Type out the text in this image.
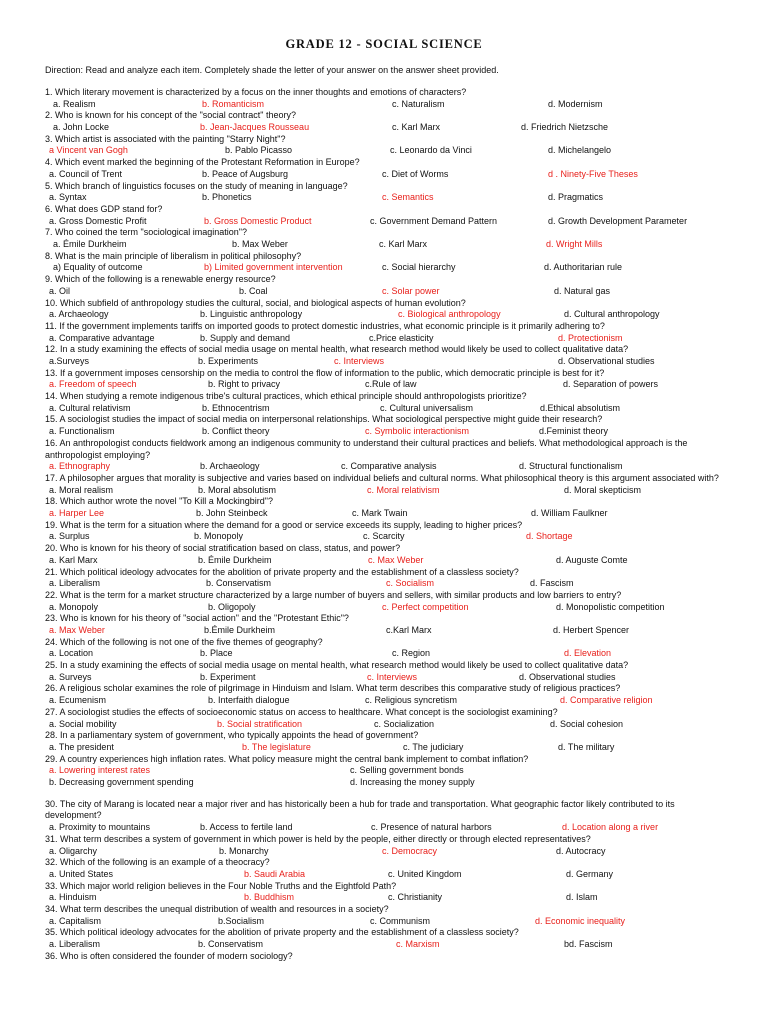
GRADE 12 - SOCIAL SCIENCE
Direction: Read and analyze each item. Completely shade the letter of your answer on the answer sheet provided.
1. Which literary movement is characterized by a focus on the inner thoughts and emotions of characters?
a. Realism	b. Romanticism	c. Naturalism	d. Modernism
2. Who is known for his concept of the "social contract" theory?
a. John Locke	b. Jean-Jacques Rousseau	c. Karl Marx	d. Friedrich Nietzsche
3. Which artist is associated with the painting "Starry Night"?
a Vincent van Gogh	b. Pablo Picasso	c. Leonardo da Vinci	d. Michelangelo
4. Which event marked the beginning of the Protestant Reformation in Europe?
a. Council of Trent	b. Peace of Augsburg	c. Diet of Worms	d . Ninety-Five Theses
5. Which branch of linguistics focuses on the study of meaning in language?
a. Syntax	b. Phonetics	c. Semantics	d. Pragmatics
6. What does GDP stand for?
a. Gross Domestic Profit	b. Gross Domestic Product	c. Government Demand Pattern	d. Growth Development Parameter
7. Who coined the term "sociological imagination"?
a. Émile Durkheim	b. Max Weber	c. Karl Marx	d. Wright Mills
8. What is the main principle of liberalism in political philosophy?
a) Equality of outcome	b) Limited government intervention	c. Social hierarchy	d. Authoritarian rule
9. Which of the following is a renewable energy resource?
a. Oil	b. Coal	c. Solar power	d. Natural gas
10. Which subfield of anthropology studies the cultural, social, and biological aspects of human evolution?
a. Archaeology	b. Linguistic anthropology	c. Biological anthropology	d. Cultural anthropology
11. If the government implements tariffs on imported goods to protect domestic industries, what economic principle is it primarily adhering to?
a. Comparative advantage	b. Supply and demand	c.Price elasticity	d. Protectionism
12. In a study examining the effects of social media usage on mental health, what research method would likely be used to collect qualitative data?
a.Surveys	b. Experiments	c. Interviews	d. Observational studies
13. If a government imposes censorship on the media to control the flow of information to the public, which democratic principle is best for it?
a. Freedom of speech	b. Right to privacy	c.Rule of law	d. Separation of powers
14. When studying a remote indigenous tribe's cultural practices, which ethical principle should anthropologists prioritize?
a. Cultural relativism	b. Ethnocentrism	c. Cultural universalism	d.Ethical absolutism
15. A sociologist studies the impact of social media on interpersonal relationships. What sociological perspective might guide their research?
a. Functionalism	b. Conflict theory	c. Symbolic interactionism	d.Feminist theory
16. An anthropologist conducts fieldwork among an indigenous community to understand their cultural practices and beliefs. What methodological approach is the anthropologist employing?
a. Ethnography	b. Archaeology	c. Comparative analysis	d. Structural functionalism
17. A philosopher argues that morality is subjective and varies based on individual beliefs and cultural norms. What philosophical theory is this argument associated with?
a. Moral realism	b. Moral absolutism	c. Moral relativism	d. Moral skepticism
18. Which author wrote the novel "To Kill a Mockingbird"?
a. Harper Lee	b. John Steinbeck	c. Mark Twain	d. William Faulkner
19. What is the term for a situation where the demand for a good or service exceeds its supply, leading to higher prices?
a. Surplus	b. Monopoly	c. Scarcity	d. Shortage
20. Who is known for his theory of social stratification based on class, status, and power?
a. Karl Marx	b. Émile Durkheim	c. Max Weber	d. Auguste Comte
21. Which political ideology advocates for the abolition of private property and the establishment of a classless society?
a. Liberalism	b. Conservatism	c. Socialism	d. Fascism
22. What is the term for a market structure characterized by a large number of buyers and sellers, with similar products and low barriers to entry?
a. Monopoly	b. Oligopoly	c. Perfect competition	d. Monopolistic competition
23. Who is known for his theory of "social action" and the "Protestant Ethic"?
a. Max Weber	b.Émile Durkheim	c.Karl Marx	d. Herbert Spencer
24. Which of the following is not one of the five themes of geography?
a. Location	b. Place	c. Region	d. Elevation
25. In a study examining the effects of social media usage on mental health, what research method would likely be used to collect qualitative data?
a. Surveys	b. Experiment	c. Interviews	d. Observational studies
26. A religious scholar examines the role of pilgrimage in Hinduism and Islam. What term describes this comparative study of religious practices?
a. Ecumenism	b. Interfaith dialogue	c. Religious syncretism	d. Comparative religion
27. A sociologist studies the effects of socioeconomic status on access to healthcare. What concept is the sociologist examining?
a. Social mobility	b. Social stratification	c. Socialization	d. Social cohesion
28. In a parliamentary system of government, who typically appoints the head of government?
a. The president	b. The legislature	c. The judiciary	d. The military
29. A country experiences high inflation rates. What policy measure might the central bank implement to combat inflation?
a. Lowering interest rates	c. Selling government bonds
b. Decreasing government spending	d. Increasing the money supply
30. The city of Marang is located near a major river and has historically been a hub for trade and transportation. What geographic factor likely contributed to its development?
a. Proximity to mountains	b. Access to fertile land	c. Presence of natural harbors	d. Location along a river
31. What term describes a system of government in which power is held by the people, either directly or through elected representatives?
a. Oligarchy	b. Monarchy	c. Democracy	d. Autocracy
32. Which of the following is an example of a theocracy?
a. United States	b. Saudi Arabia	c. United Kingdom	d. Germany
33. Which major world religion believes in the Four Noble Truths and the Eightfold Path?
a. Hinduism	b. Buddhism	c. Christianity	d. Islam
34. What term describes the unequal distribution of wealth and resources in a society?
a. Capitalism	b.Socialism	c. Communism	d. Economic inequality
35. Which political ideology advocates for the abolition of private property and the establishment of a classless society?
a. Liberalism	b. Conservatism	c. Marxism	bd. Fascism
36. Who is often considered the founder of modern sociology?
